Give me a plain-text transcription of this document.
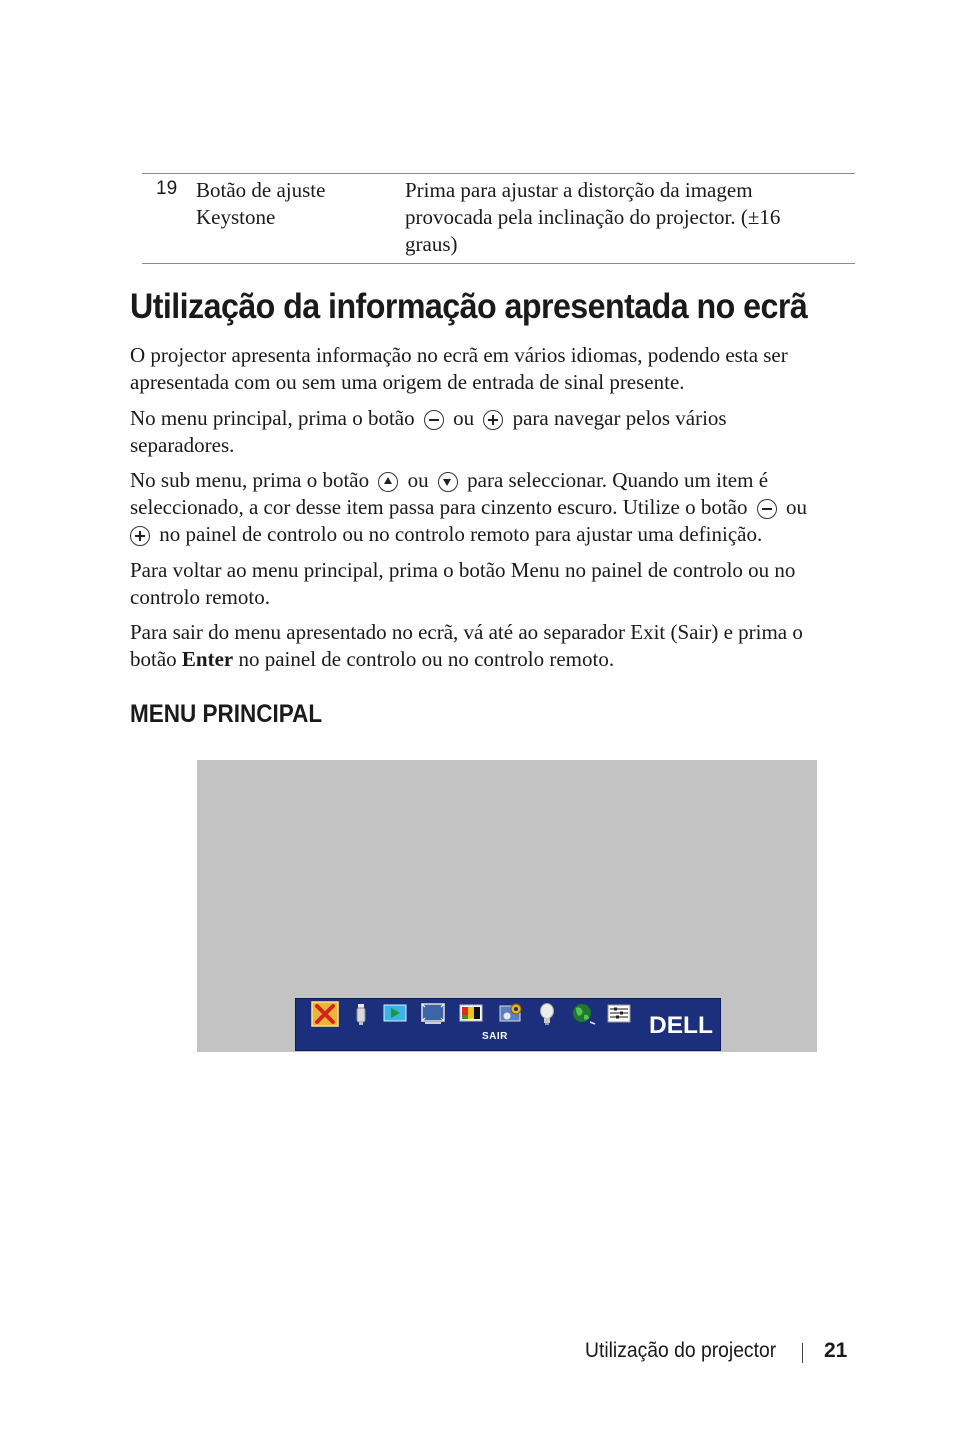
19 Botão de ajuste
Keystone
Prima para ajustar a distorção da imagem
provocada pela inclinação do projector. (±16
graus)
Utilização da informação apresentada no ecrã
O projector apresenta informação no ecrã em vários idiomas, podendo esta ser
apresentada com ou sem uma origem de entrada de sinal presente.
No menu principal, prima o botão ou para navegar pelos vários
separadores.
No sub menu, prima o botão ou para seleccionar. Quando um item é
seleccionado, a cor desse item passa para cinzento escuro. Utilize o botão ou
no painel de controlo ou no controlo remoto para ajustar uma definição.
Para voltar ao menu principal, prima o botão Menu no painel de controlo ou no
controlo remoto.
Para sair do menu apresentado no ecrã, vá até ao separador Exit (Sair) e prima o
botão Enter no painel de controlo ou no controlo remoto.
MENU PRINCIPAL
SAIR	DELL
Utilização do projector 21
